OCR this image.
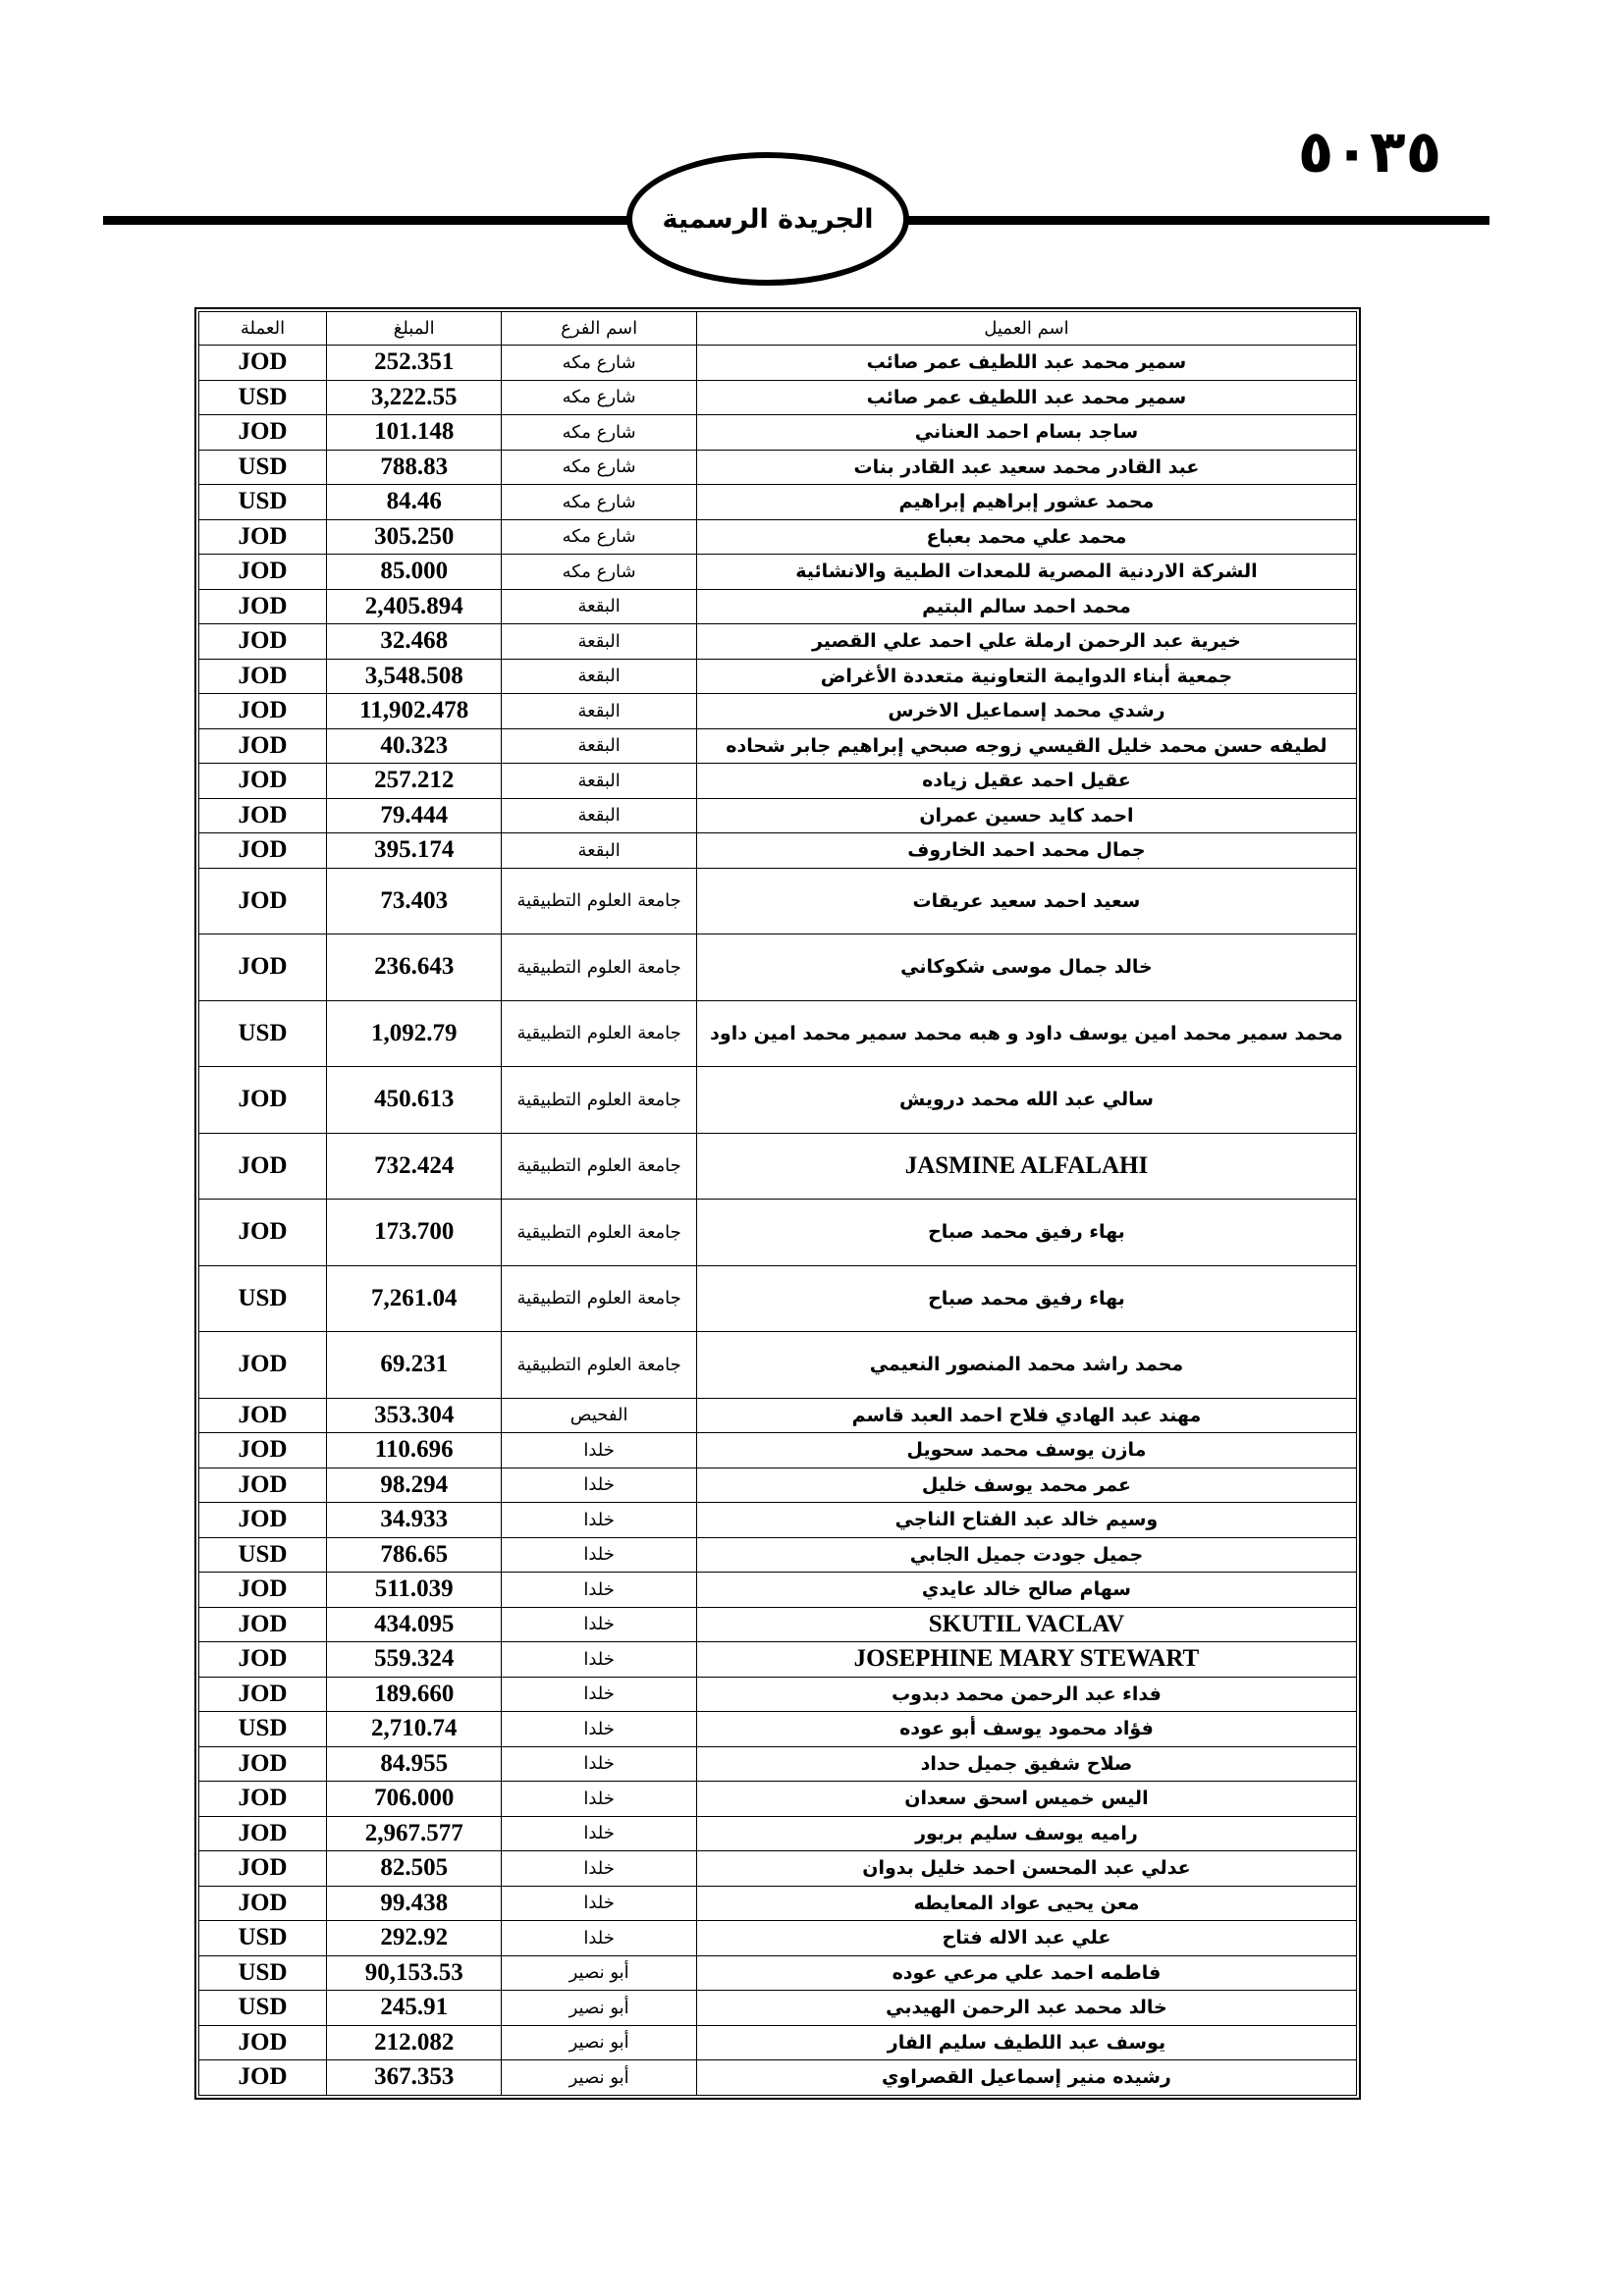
٥٠٣٥
الجريدة الرسمية
اسم العميل	اسم الفرع	المبلغ	العملة
سمير محمد عبد اللطيف عمر صائب	شارع مكه	252.351	JOD
سمير محمد عبد اللطيف عمر صائب	شارع مكه	3,222.55	USD
ساجد بسام احمد العناني	شارع مكه	101.148	JOD
عبد القادر محمد سعيد عبد القادر بنات	شارع مكه	788.83	USD
محمد عشور إبراهيم إبراهيم	شارع مكه	84.46	USD
محمد علي محمد بعباع	شارع مكه	305.250	JOD
الشركة الاردنية المصرية للمعدات الطبية والانشائية	شارع مكه	85.000	JOD
محمد احمد سالم البتيم	البقعة	2,405.894	JOD
خيرية عبد الرحمن ارملة علي احمد علي القصير	البقعة	32.468	JOD
جمعية أبناء الدوايمة التعاونية متعددة الأغراض	البقعة	3,548.508	JOD
رشدي محمد إسماعيل الاخرس	البقعة	11,902.478	JOD
لطيفه حسن محمد خليل القيسي زوجه صبحي إبراهيم جابر شحاده	البقعة	40.323	JOD
عقيل احمد عقيل زياده	البقعة	257.212	JOD
احمد كايد حسين عمران	البقعة	79.444	JOD
جمال محمد احمد الخاروف	البقعة	395.174	JOD
سعيد احمد سعيد عريقات	جامعة العلوم التطبيقية	73.403	JOD
خالد جمال موسى شكوكاني	جامعة العلوم التطبيقية	236.643	JOD
محمد سمير محمد امين يوسف داود و هبه محمد سمير محمد امين داود	جامعة العلوم التطبيقية	1,092.79	USD
سالي عبد الله محمد درويش	جامعة العلوم التطبيقية	450.613	JOD
JASMINE ALFALAHI	جامعة العلوم التطبيقية	732.424	JOD
بهاء رفيق محمد صباح	جامعة العلوم التطبيقية	173.700	JOD
بهاء رفيق محمد صباح	جامعة العلوم التطبيقية	7,261.04	USD
محمد راشد محمد المنصور النعيمي	جامعة العلوم التطبيقية	69.231	JOD
مهند عبد الهادي فلاح احمد العبد قاسم	الفحيص	353.304	JOD
مازن يوسف محمد سحويل	خلدا	110.696	JOD
عمر محمد يوسف خليل	خلدا	98.294	JOD
وسيم خالد عبد الفتاح الناجي	خلدا	34.933	JOD
جميل جودت جميل الجابي	خلدا	786.65	USD
سهام صالح خالد عايدي	خلدا	511.039	JOD
SKUTIL VACLAV	خلدا	434.095	JOD
JOSEPHINE MARY STEWART	خلدا	559.324	JOD
فداء عبد الرحمن محمد دبدوب	خلدا	189.660	JOD
فؤاد محمود يوسف أبو عوده	خلدا	2,710.74	USD
صلاح شفيق جميل حداد	خلدا	84.955	JOD
اليس خميس اسحق سعدان	خلدا	706.000	JOD
راميه يوسف سليم بربور	خلدا	2,967.577	JOD
عدلي عبد المحسن احمد خليل بدوان	خلدا	82.505	JOD
معن يحيى عواد المعايطه	خلدا	99.438	JOD
علي عبد الاله فتاح	خلدا	292.92	USD
فاطمه احمد علي مرعي عوده	أبو نصير	90,153.53	USD
خالد محمد عبد الرحمن الهيدبي	أبو نصير	245.91	USD
يوسف عبد اللطيف سليم الفار	أبو نصير	212.082	JOD
رشيده منير إسماعيل القصراوي	أبو نصير	367.353	JOD
